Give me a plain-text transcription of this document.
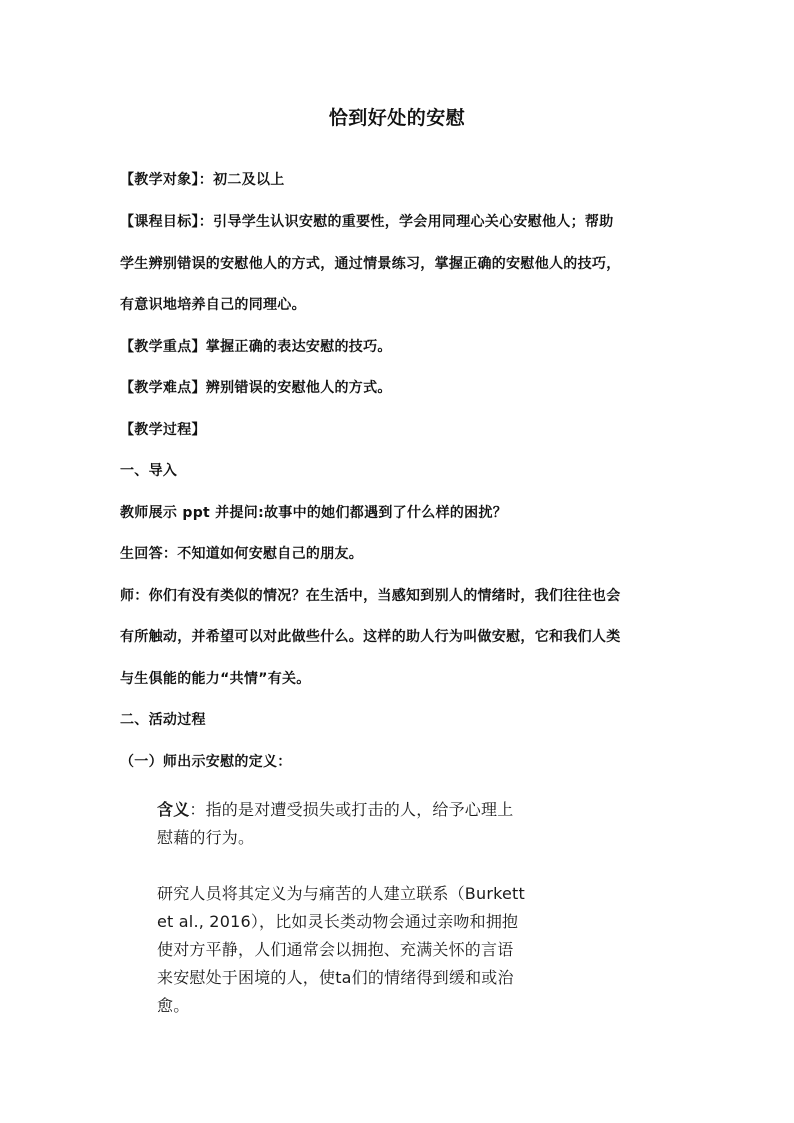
恰到好处的安慰
【教学对象】：初二及以上
【课程目标】：引导学生认识安慰的重要性，学会用同理心关心安慰他人；帮助
学生辨别错误的安慰他人的方式，通过情景练习，掌握正确的安慰他人的技巧，
有意识地培养自己的同理心。
【教学重点】掌握正确的表达安慰的技巧。
【教学难点】辨别错误的安慰他人的方式。
【教学过程】
一、导入
教师展示 ppt 并提问:故事中的她们都遇到了什么样的困扰？
生回答：不知道如何安慰自己的朋友。
师：你们有没有类似的情况？在生活中，当感知到别人的情绪时，我们往往也会
有所触动，并希望可以对此做些什么。这样的助人行为叫做安慰，它和我们人类
与生俱能的能力“共情”有关。
二、活动过程
（一）师出示安慰的定义：
含义：指的是对遭受损失或打击的人，给予心理上
慰藉的行为。
研究人员将其定义为与痛苦的人建立联系（Burkett
et al., 2016），比如灵长类动物会通过亲吻和拥抱
使对方平静，人们通常会以拥抱、充满关怀的言语
来安慰处于困境的人，使ta们的情绪得到缓和或治
愈。
